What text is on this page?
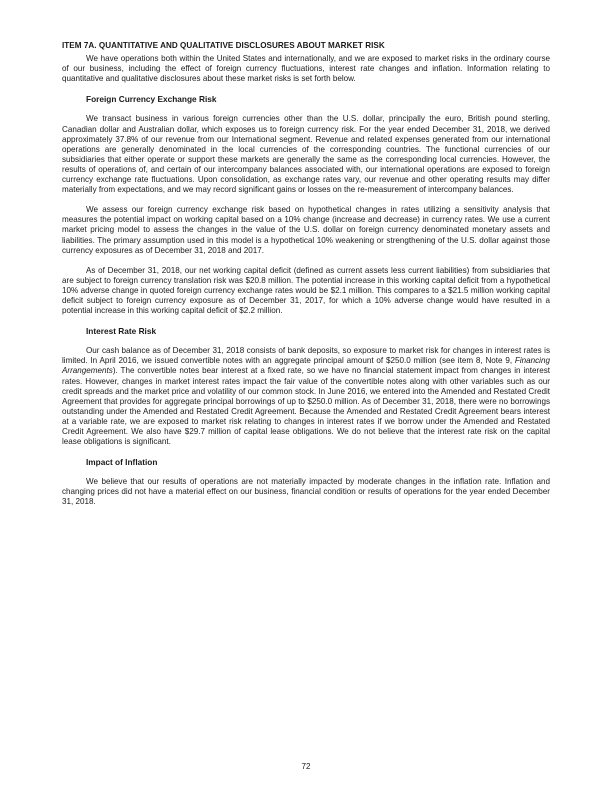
ITEM 7A. QUANTITATIVE AND QUALITATIVE DISCLOSURES ABOUT MARKET RISK

We have operations both within the United States and internationally, and we are exposed to market risks in the ordinary course of our business, including the effect of foreign currency fluctuations, interest rate changes and inflation. Information relating to quantitative and qualitative disclosures about these market risks is set forth below.

Foreign Currency Exchange Risk

We transact business in various foreign currencies other than the U.S. dollar, principally the euro, British pound sterling, Canadian dollar and Australian dollar, which exposes us to foreign currency risk. For the year ended December 31, 2018, we derived approximately 37.8% of our revenue from our International segment. Revenue and related expenses generated from our international operations are generally denominated in the local currencies of the corresponding countries. The functional currencies of our subsidiaries that either operate or support these markets are generally the same as the corresponding local currencies. However, the results of operations of, and certain of our intercompany balances associated with, our international operations are exposed to foreign currency exchange rate fluctuations. Upon consolidation, as exchange rates vary, our revenue and other operating results may differ materially from expectations, and we may record significant gains or losses on the re-measurement of intercompany balances.

We assess our foreign currency exchange risk based on hypothetical changes in rates utilizing a sensitivity analysis that measures the potential impact on working capital based on a 10% change (increase and decrease) in currency rates. We use a current market pricing model to assess the changes in the value of the U.S. dollar on foreign currency denominated monetary assets and liabilities. The primary assumption used in this model is a hypothetical 10% weakening or strengthening of the U.S. dollar against those currency exposures as of December 31, 2018 and 2017.

As of December 31, 2018, our net working capital deficit (defined as current assets less current liabilities) from subsidiaries that are subject to foreign currency translation risk was $20.8 million. The potential increase in this working capital deficit from a hypothetical 10% adverse change in quoted foreign currency exchange rates would be $2.1 million. This compares to a $21.5 million working capital deficit subject to foreign currency exposure as of December 31, 2017, for which a 10% adverse change would have resulted in a potential increase in this working capital deficit of $2.2 million.

Interest Rate Risk

Our cash balance as of December 31, 2018 consists of bank deposits, so exposure to market risk for changes in interest rates is limited. In April 2016, we issued convertible notes with an aggregate principal amount of $250.0 million (see item 8, Note 9, Financing Arrangements). The convertible notes bear interest at a fixed rate, so we have no financial statement impact from changes in interest rates. However, changes in market interest rates impact the fair value of the convertible notes along with other variables such as our credit spreads and the market price and volatility of our common stock. In June 2016, we entered into the Amended and Restated Credit Agreement that provides for aggregate principal borrowings of up to $250.0 million. As of December 31, 2018, there were no borrowings outstanding under the Amended and Restated Credit Agreement. Because the Amended and Restated Credit Agreement bears interest at a variable rate, we are exposed to market risk relating to changes in interest rates if we borrow under the Amended and Restated Credit Agreement. We also have $29.7 million of capital lease obligations. We do not believe that the interest rate risk on the capital lease obligations is significant.

Impact of Inflation

We believe that our results of operations are not materially impacted by moderate changes in the inflation rate. Inflation and changing prices did not have a material effect on our business, financial condition or results of operations for the year ended December 31, 2018.

72
